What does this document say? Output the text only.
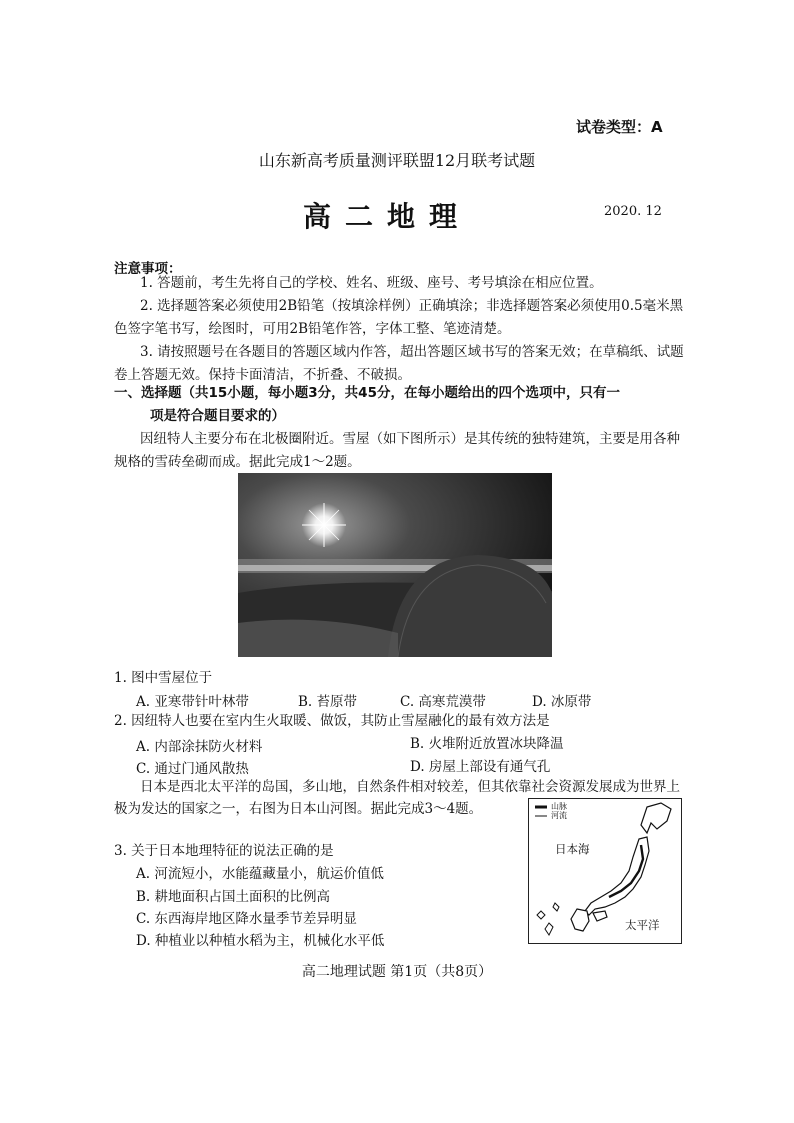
试卷类型：A
山东新高考质量测评联盟12月联考试题
高二地理	2020. 12
注意事项：

1. 答题前，考生先将自己的学校、姓名、班级、座号、考号填涂在相应位置。

2. 选择题答案必须使用2B铅笔（按填涂样例）正确填涂；非选择题答案必须使用0.5毫米黑色签字笔书写，绘图时，可用2B铅笔作答，字体工整、笔迹清楚。

3. 请按照题号在各题目的答题区域内作答，超出答题区域书写的答案无效；在草稿纸、试题卷上答题无效。保持卡面清洁，不折叠、不破损。

一、选择题（共15小题，每小题3分，共45分，在每小题给出的四个选项中，只有一
项是符合题目要求的）

因纽特人主要分布在北极圈附近。雪屋（如下图所示）是其传统的独特建筑，主要是用各种规格的雪砖垒砌而成。据此完成1～2题。

1. 图中雪屋位于
A. 亚寒带针叶林带	B. 苔原带	C. 高寒荒漠带	D. 冰原带
2. 因纽特人也要在室内生火取暖、做饭，其防止雪屋融化的最有效方法是
A. 内部涂抹防火材料	B. 火堆附近放置冰块降温
C. 通过门通风散热	D. 房屋上部设有通气孔

日本是西北太平洋的岛国，多山地，自然条件相对较差，但其依靠社会资源发展成为世界上极为发达的国家之一，右图为日本山河图。据此完成3～4题。

3. 关于日本地理特征的说法正确的是
A. 河流短小，水能蕴藏量小，航运价值低
B. 耕地面积占国土面积的比例高
C. 东西海岸地区降水量季节差异明显
D. 种植业以种植水稻为主，机械化水平低
山脉
河流
日本海
太平洋
高二地理试题 第1页（共8页）
